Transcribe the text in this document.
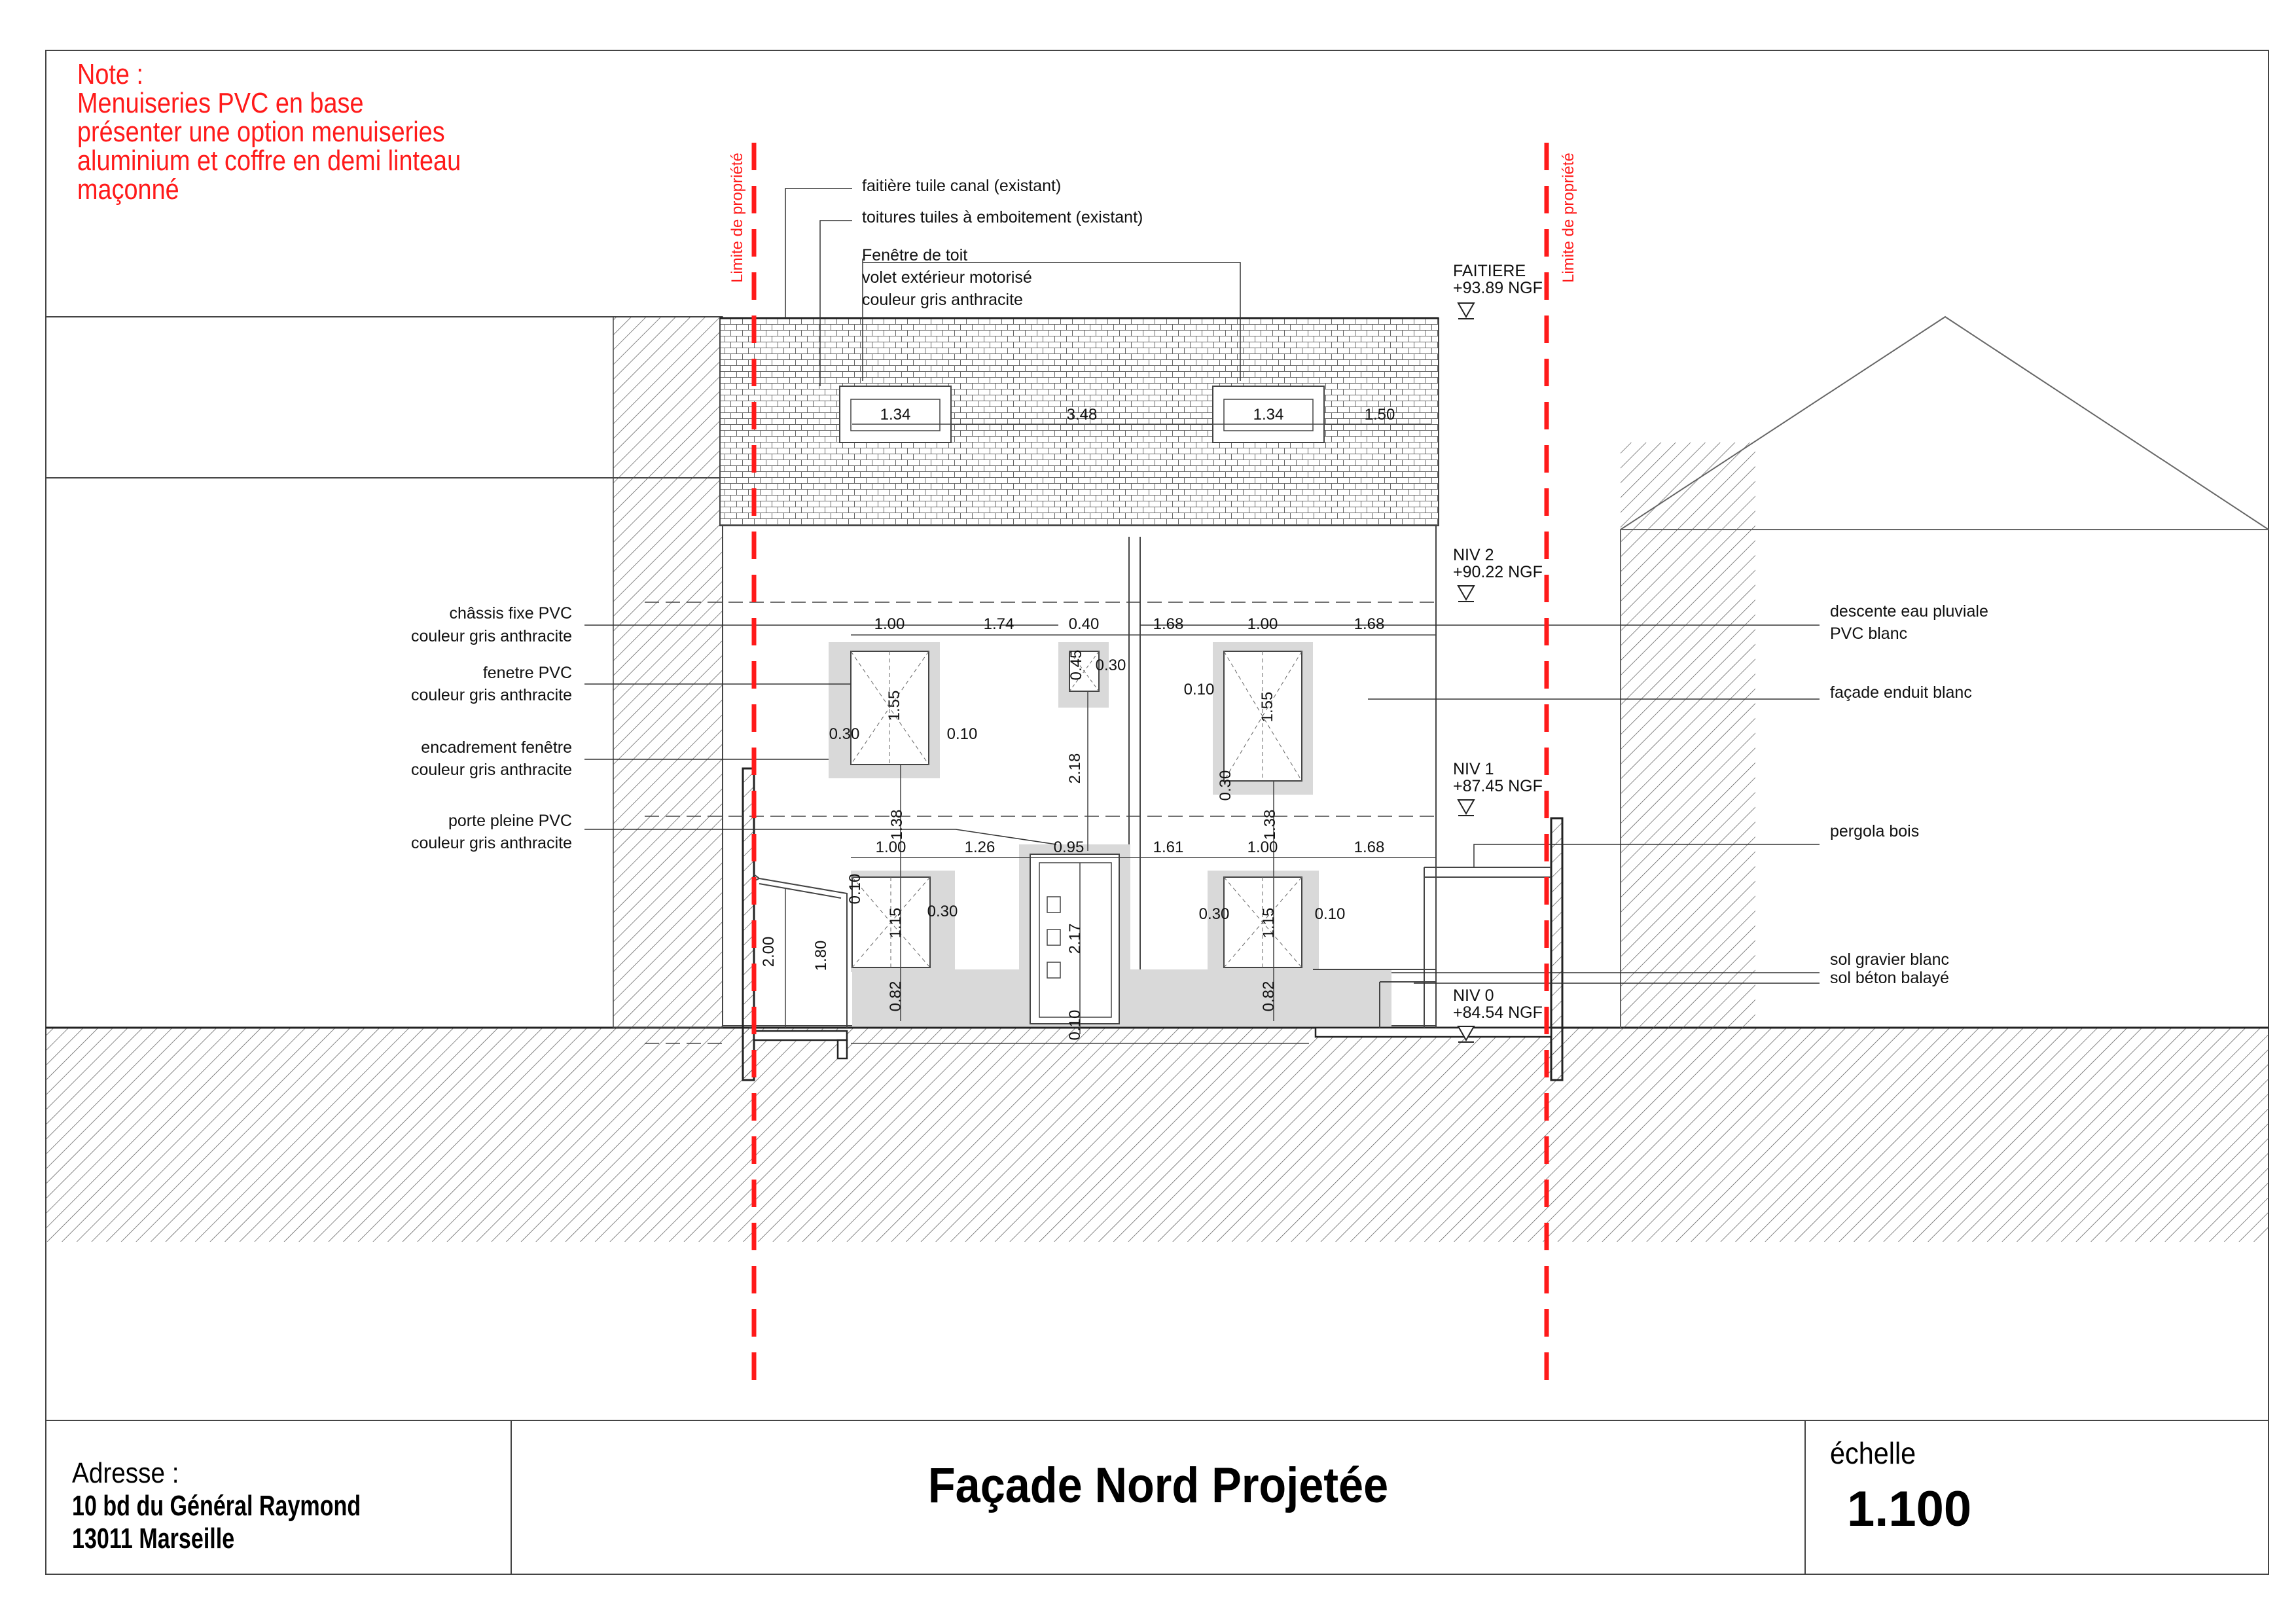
Limite de propriété	Limite de propriété
faitière tuile canal (existant)
toitures tuiles à emboitement (existant)
Fenêtre de toit
volet extérieur motorisé
couleur gris anthracite
FAITIERE
+93.89 NGF
NIV 2
+90.22 NGF
NIV 1
+87.45 NGF
NIV 0
+84.54 NGF
châssis fixe PVC
couleur gris anthracite
fenetre PVC
couleur gris anthracite
encadrement fenêtre
couleur gris anthracite
porte pleine PVC
couleur gris anthracite
descente eau pluviale
PVC blanc
façade enduit blanc
pergola bois
sol gravier blanc
sol béton balayé
1.34	3.48	1.34	1.50
1.00	1.74	0.40	1.68	1.00	1.68
0.30
0.10
0.30	0.10
1.00	1.26	0.95	1.61	1.00	1.68
0.30	0.30	0.10
0.45
1.55	1.55
0.30
2.18
1.38	1.38
0.10
1.15
2.17
1.15
0.82	0.82
0.10
2.00 1.80
Note :
Menuiseries PVC en base
présenter une option menuiseries
aluminium et coffre en demi linteau
maçonné
Adresse :
10 bd du Général Raymond
13011 Marseille
Façade Nord Projetée
échelle
1.100
